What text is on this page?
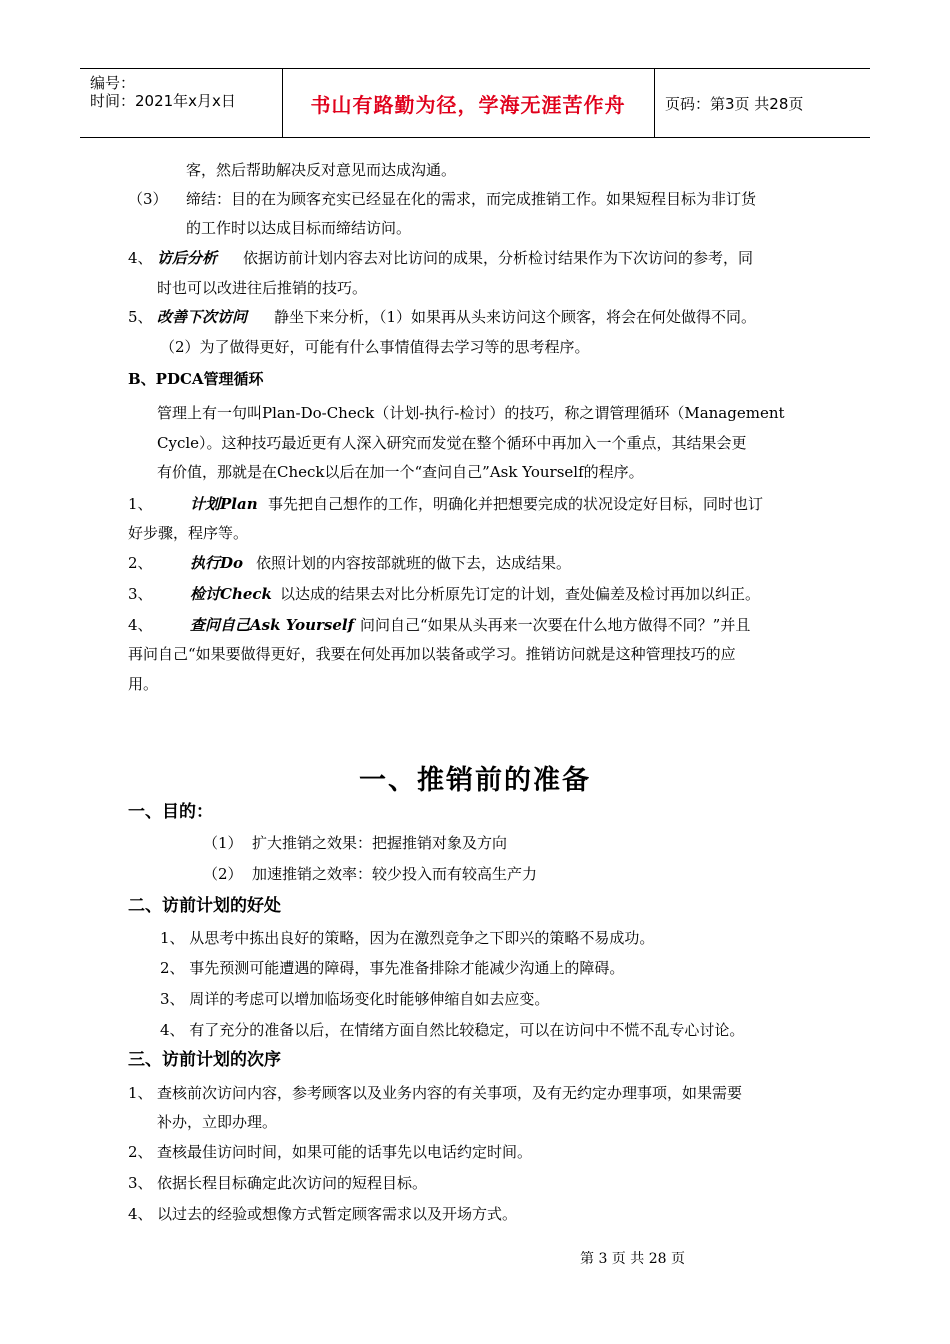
编号：
时间：2021年x月x日	书山有路勤为径，学海无涯苦作舟	页码：第3页 共28页
客，然后帮助解决反对意见而达成沟通。
（3） 缔结：目的在为顾客充实已经显在化的需求，而完成推销工作。如果短程目标为非订货
的工作时以达成目标而缔结访问。
4、 访后分析 依据访前计划内容去对比访问的成果，分析检讨结果作为下次访问的参考，同
时也可以改进往后推销的技巧。
5、 改善下次访问 静坐下来分析，（1）如果再从头来访问这个顾客，将会在何处做得不同。
（2）为了做得更好，可能有什么事情值得去学习等的思考程序。
B、PDCA管理循环
管理上有一句叫Plan-Do-Check（计划-执行-检讨）的技巧，称之谓管理循环（Management
Cycle）。这种技巧最近更有人深入研究而发觉在整个循环中再加入一个重点，其结果会更
有价值，那就是在Check以后在加一个“查问自己”Ask Yourself的程序。
1、 计划Plan 事先把自己想作的工作，明确化并把想要完成的状况设定好目标，同时也订
好步骤，程序等。
2、 执行Do 依照计划的内容按部就班的做下去，达成结果。
3、 检讨Check 以达成的结果去对比分析原先订定的计划，查处偏差及检讨再加以纠正。
4、 查问自己Ask Yourself 问问自己“如果从头再来一次要在什么地方做得不同？”并且
再问自己“如果要做得更好，我要在何处再加以装备或学习。推销访问就是这种管理技巧的应
用。
一、推销前的准备
一、目的：
（1） 扩大推销之效果：把握推销对象及方向
（2） 加速推销之效率：较少投入而有较高生产力
二、访前计划的好处
1、 从思考中拣出良好的策略，因为在激烈竞争之下即兴的策略不易成功。
2、 事先预测可能遭遇的障碍，事先准备排除才能减少沟通上的障碍。
3、 周详的考虑可以增加临场变化时能够伸缩自如去应变。
4、 有了充分的准备以后，在情绪方面自然比较稳定，可以在访问中不慌不乱专心讨论。
三、访前计划的次序
1、 查核前次访问内容，参考顾客以及业务内容的有关事项，及有无约定办理事项，如果需要
补办，立即办理。
2、 查核最佳访问时间，如果可能的话事先以电话约定时间。
3、 依据长程目标确定此次访问的短程目标。
4、 以过去的经验或想像方式暂定顾客需求以及开场方式。
第 3 页 共 28 页
